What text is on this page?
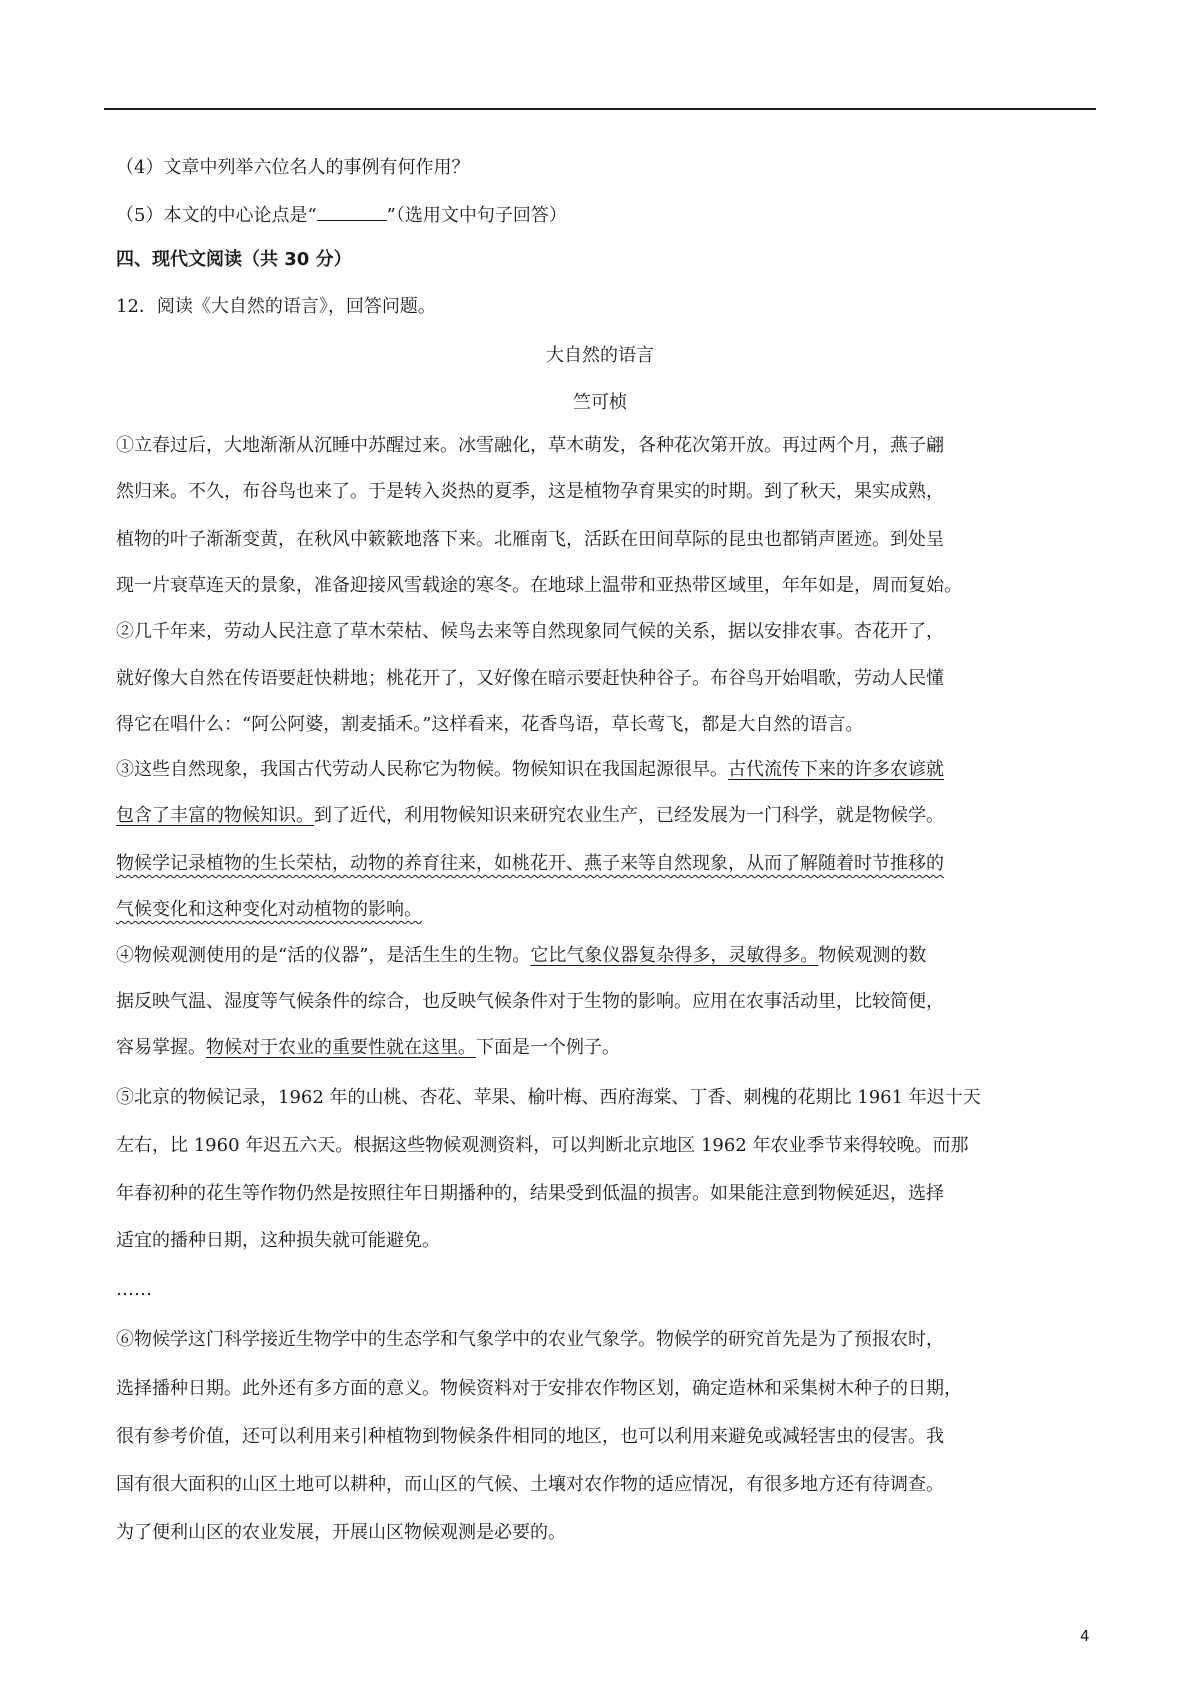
（4）文章中列举六位名人的事例有何作用？
（5）本文的中心论点是“	”（选用文中句子回答）
四、现代文阅读（共 30 分）
12．阅读《大自然的语言》，回答问题。
大自然的语言
竺可桢
①立春过后，大地渐渐从沉睡中苏醒过来。冰雪融化，草木萌发，各种花次第开放。再过两个月，燕子翩
然归来。不久，布谷鸟也来了。于是转入炎热的夏季，这是植物孕育果实的时期。到了秋天，果实成熟，
植物的叶子渐渐变黄，在秋风中簌簌地落下来。北雁南飞，活跃在田间草际的昆虫也都销声匿迹。到处呈
现一片衰草连天的景象，准备迎接风雪载途的寒冬。在地球上温带和亚热带区域里，年年如是，周而复始。
②几千年来，劳动人民注意了草木荣枯、候鸟去来等自然现象同气候的关系，据以安排农事。杏花开了，
就好像大自然在传语要赶快耕地；桃花开了，又好像在暗示要赶快种谷子。布谷鸟开始唱歌，劳动人民懂
得它在唱什么：“阿公阿婆，割麦插禾。”这样看来，花香鸟语，草长莺飞，都是大自然的语言。
③这些自然现象，我国古代劳动人民称它为物候。物候知识在我国起源很早。古代流传下来的许多农谚就
包含了丰富的物候知识。到了近代，利用物候知识来研究农业生产，已经发展为一门科学，就是物候学。
物候学记录植物的生长荣枯，动物的养育往来，如桃花开、燕子来等自然现象，从而了解随着时节推移的
气候变化和这种变化对动植物的影响。
④物候观测使用的是“活的仪器”，是活生生的生物。它比气象仪器复杂得多，灵敏得多。物候观测的数
据反映气温、湿度等气候条件的综合，也反映气候条件对于生物的影响。应用在农事活动里，比较简便，
容易掌握。物候对于农业的重要性就在这里。下面是一个例子。
⑤北京的物候记录，1962 年的山桃、杏花、苹果、榆叶梅、西府海棠、丁香、刺槐的花期比 1961 年迟十天
左右，比 1960 年迟五六天。根据这些物候观测资料，可以判断北京地区 1962 年农业季节来得较晚。而那
年春初种的花生等作物仍然是按照往年日期播种的，结果受到低温的损害。如果能注意到物候延迟，选择
适宜的播种日期，这种损失就可能避免。
……
⑥物候学这门科学接近生物学中的生态学和气象学中的农业气象学。物候学的研究首先是为了预报农时，
选择播种日期。此外还有多方面的意义。物候资料对于安排农作物区划，确定造林和采集树木种子的日期，
很有参考价值，还可以利用来引种植物到物候条件相同的地区，也可以利用来避免或减轻害虫的侵害。我
国有很大面积的山区土地可以耕种，而山区的气候、土壤对农作物的适应情况，有很多地方还有待调查。
为了便利山区的农业发展，开展山区物候观测是必要的。
4
